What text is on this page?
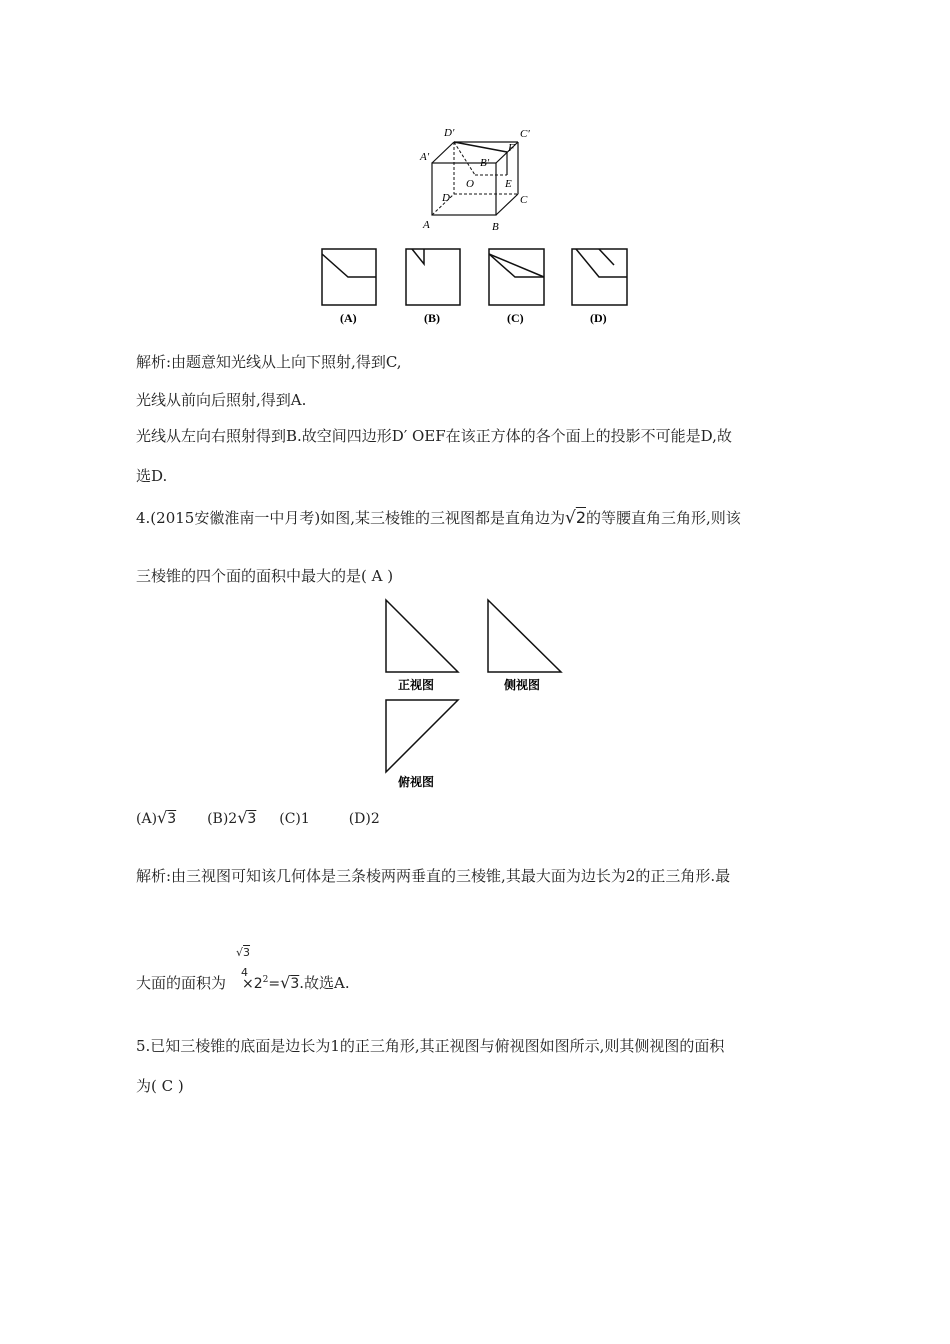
D′	C′
A′	B′
F
O	E
D	C
A	B
(A)	(B)	(C)	(D)
解析:由题意知光线从上向下照射,得到C,
光线从前向后照射,得到A.
光线从左向右照射得到B.故空间四边形D′ OEF在该正方体的各个面上的投影不可能是D,故
选D.
4.(2015安徽淮南一中月考)如图,某三棱锥的三视图都是直角边为√2的等腰直角三角形,则该
三棱锥的四个面的面积中最大的是( A )
正视图	侧视图
俯视图
(A)√3 (B)2√3 (C)1	(D)2
解析:由三视图可知该几何体是三条棱两两垂直的三棱锥,其最大面为边长为2的正三角形.最
√3
4
大面的面积为 $\times 2^2=√3$.故选A.
5.已知三棱锥的底面是边长为1的正三角形,其正视图与俯视图如图所示,则其侧视图的面积
为( C )
